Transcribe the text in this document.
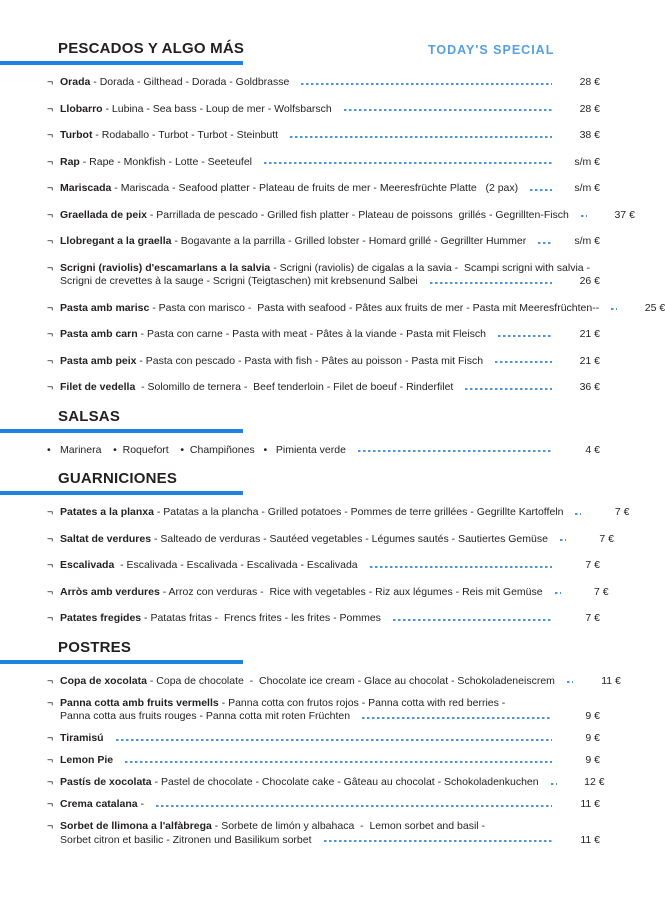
PESCADOS Y ALGO MÁS	TODAY'S SPECIAL
¬ Orada - Dorada - Gilthead - Dorada - Goldbrasse	28 €
¬ Llobarro - Lubina - Sea bass - Loup de mer - Wolfsbarsch	28 €
¬ Turbot - Rodaballo - Turbot - Turbot - Steinbutt	38 €
¬ Rap - Rape - Monkfish - Lotte - Seeteufel	s/m €
¬ Mariscada - Mariscada - Seafood platter - Plateau de fruits de mer - Meeresfrüchte Platte   (2 pax)	s/m €
¬ Graellada de peix - Parrillada de pescado - Grilled fish platter - Plateau de poissons  grillés - Gegrillten-Fisch	37 €
¬ Llobregant a la graella - Bogavante a la parrilla - Grilled lobster - Homard grillé - Gegrillter Hummer	s/m €
¬ Scrigni (raviolis) d'escamarlans a la salvia - Scrigni (raviolis) de cigalas a la savia -  Scampi scrigni with salvia -
Scrigni de crevettes à la sauge - Scrigni (Teigtaschen) mit krebsenund Salbei	26 €
¬ Pasta amb marisc - Pasta con marisco -  Pasta with seafood - Pâtes aux fruits de mer - Pasta mit Meeresfrüchten--	25 €
¬ Pasta amb carn - Pasta con carne - Pasta with meat - Pâtes à la viande - Pasta mit Fleisch	21 €
¬ Pasta amb peix - Pasta con pescado - Pasta with fish - Pâtes au poisson - Pasta mit Fisch	21 €
¬ Filet de vedella  - Solomillo de ternera -  Beef tenderloin - Filet de boeuf - Rinderfilet	36 €
SALSAS
• Marinera    •  Roquefort    •  Champiñones   •   Pimienta verde	4 €
GUARNICIONES
¬ Patates a la planxa - Patatas a la plancha - Grilled potatoes - Pommes de terre grillées - Gegrillte Kartoffeln	7 €
¬ Saltat de verdures - Salteado de verduras - Sautéed vegetables - Légumes sautés - Sautiertes Gemüse	7 €
¬ Escalivada  - Escalivada - Escalivada - Escalivada - Escalivada	7 €
¬ Arròs amb verdures - Arroz con verduras -  Rice with vegetables - Riz aux légumes - Reis mit Gemüse	7 €
¬ Patates fregides - Patatas fritas -  Frencs frites - les frites - Pommes	7 €
POSTRES
¬ Copa de xocolata - Copa de chocolate  -  Chocolate ice cream - Glace au chocolat - Schokoladeneiscrem	11 €
¬ Panna cotta amb fruits vermells - Panna cotta con frutos rojos - Panna cotta with red berries -
Panna cotta aus fruits rouges - Panna cotta mit roten Früchten	9 €
¬ Tiramisú	9 €
¬ Lemon Pie	9 €
¬ Pastís de xocolata - Pastel de chocolate - Chocolate cake - Gâteau au chocolat - Schokoladenkuchen	12 €
¬ Crema catalana -	11 €
¬ Sorbet de llimona a l'alfàbrega - Sorbete de limón y albahaca  -  Lemon sorbet and basil -
Sorbet citron et basilic - Zitronen und Basilikum sorbet	11 €
